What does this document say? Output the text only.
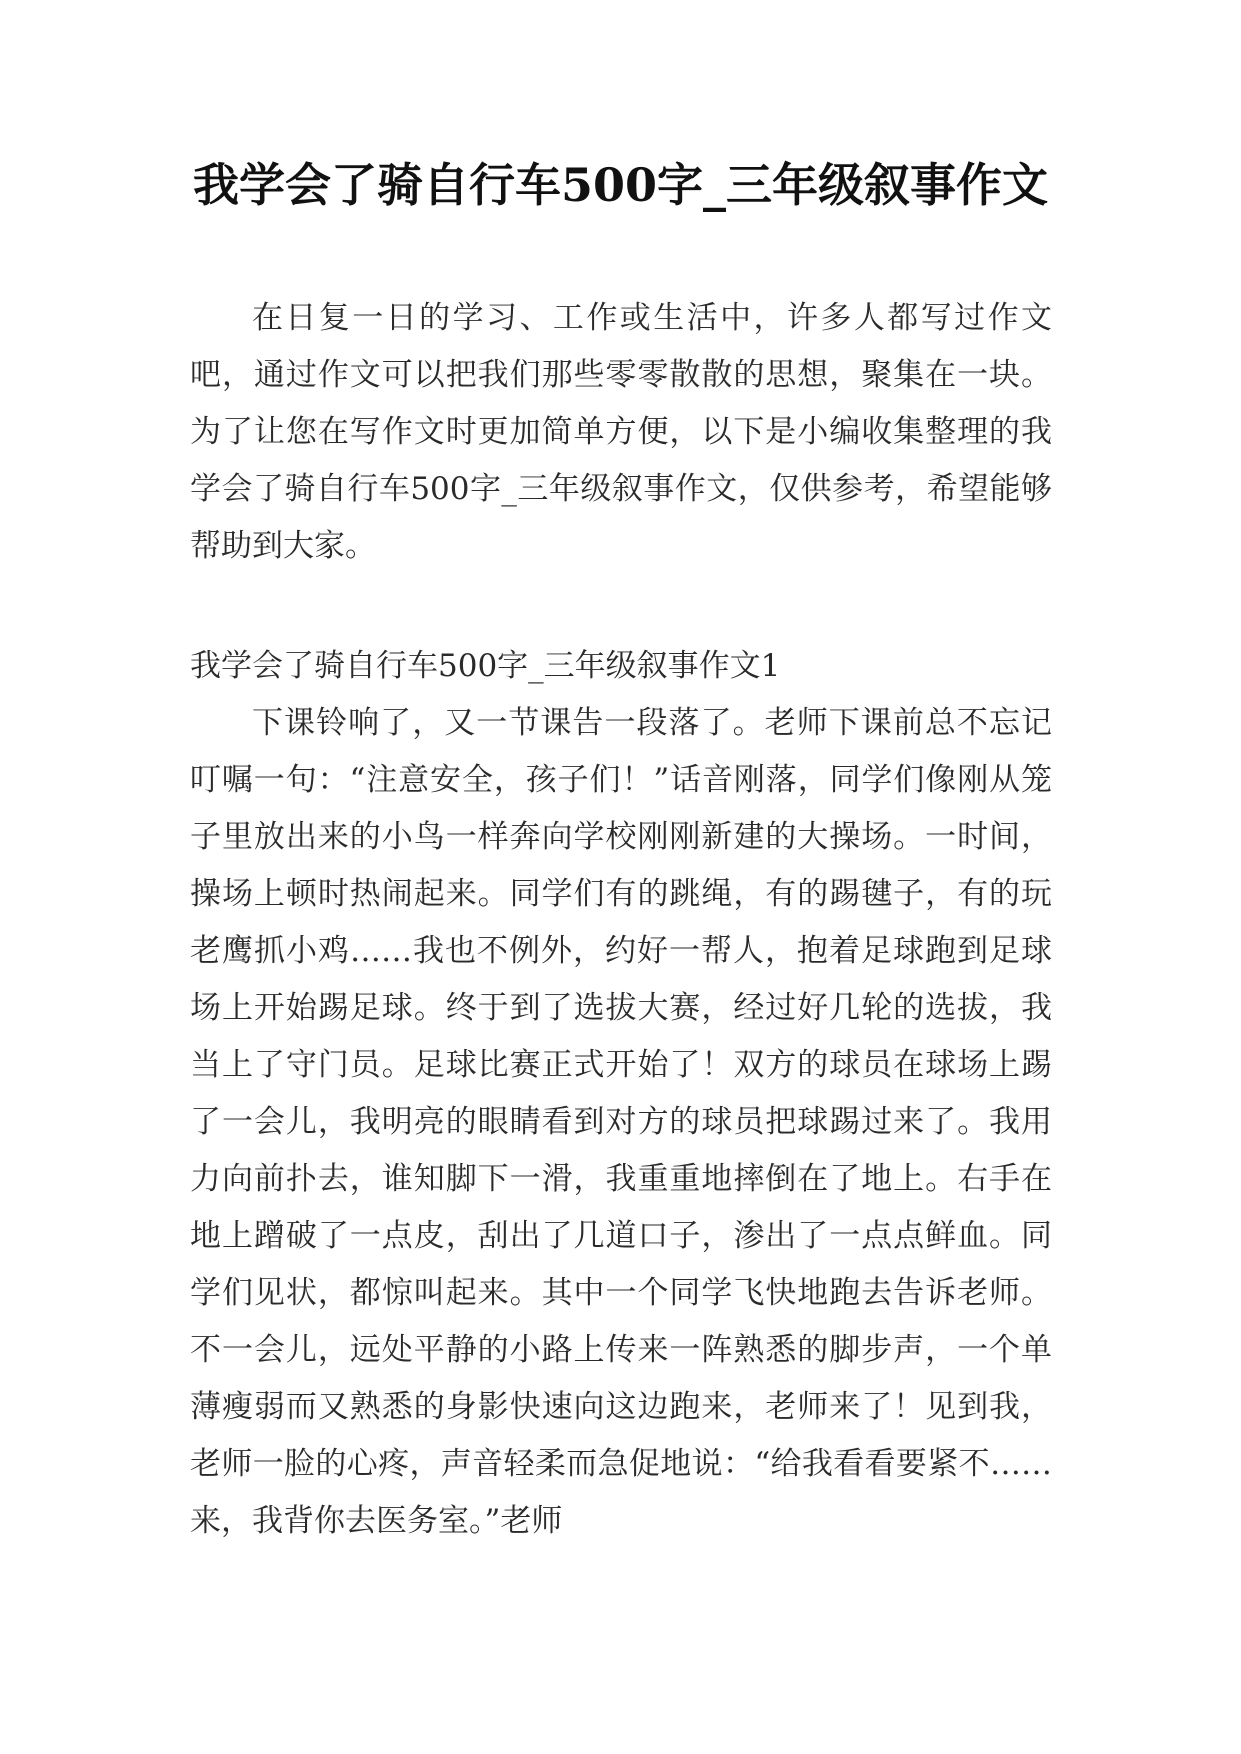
我学会了骑自行车500字_三年级叙事作文

在日复一日的学习、工作或生活中，许多人都写过作文吧，通过作文可以把我们那些零零散散的思想，聚集在一块。为了让您在写作文时更加简单方便，以下是小编收集整理的我学会了骑自行车500字_三年级叙事作文，仅供参考，希望能够帮助到大家。

我学会了骑自行车500字_三年级叙事作文1

下课铃响了，又一节课告一段落了。老师下课前总不忘记叮嘱一句：“注意安全，孩子们！”话音刚落，同学们像刚从笼子里放出来的小鸟一样奔向学校刚刚新建的大操场。一时间，操场上顿时热闹起来。同学们有的跳绳，有的踢毽子，有的玩老鹰抓小鸡……我也不例外，约好一帮人，抱着足球跑到足球场上开始踢足球。终于到了选拔大赛，经过好几轮的选拔，我当上了守门员。足球比赛正式开始了！双方的球员在球场上踢了一会儿，我明亮的眼睛看到对方的球员把球踢过来了。我用力向前扑去，谁知脚下一滑，我重重地摔倒在了地上。右手在地上蹭破了一点皮，刮出了几道口子，渗出了一点点鲜血。同学们见状，都惊叫起来。其中一个同学飞快地跑去告诉老师。不一会儿，远处平静的小路上传来一阵熟悉的脚步声，一个单薄瘦弱而又熟悉的身影快速向这边跑来，老师来了！见到我，老师一脸的心疼，声音轻柔而急促地说：“给我看看要紧不……来，我背你去医务室。”老师
